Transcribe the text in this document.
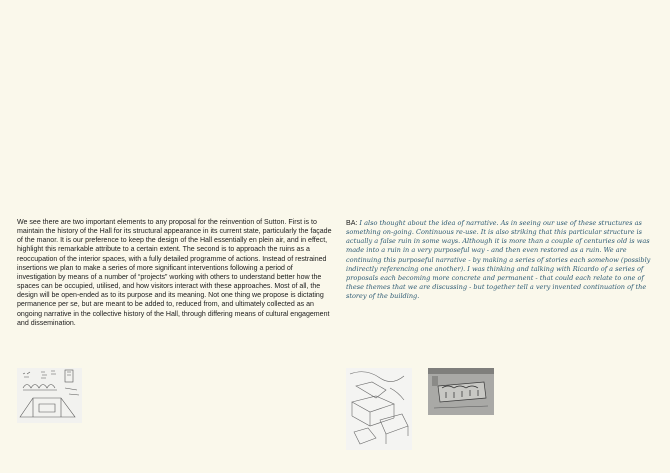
We see there are two important elements to any proposal for the reinvention of Sutton. First is to maintain the history of the Hall for its structural appearance in its current state, particularly the façade of the manor. It is our preference to keep the design of the Hall essentially en plein air, and in effect, highlight this remarkable attribute to a certain extent. The second is to approach the ruins as a reoccupation of the interior spaces, with a fully detailed programme of actions. Instead of restrained insertions we plan to make a series of more significant interventions following a period of investigation by means of a number of “projects” working with others to understand better how the spaces can be occupied, utilised, and how visitors interact with these approaches. Most of all, the design will be open-ended as to its purpose and its meaning. Not one thing we propose is dictating permanence per se, but are meant to be added to, reduced from, and ultimately collected as an ongoing narrative in the collective history of the Hall, through differing means of cultural engagement and dissemination.

BA: I also thought about the idea of narrative. As in seeing our use of these structures as something on-going. Continuous re-use. It is also striking that this particular structure is actually a false ruin in some ways. Although it is more than a couple of centuries old is was made into a ruin in a very purposeful way - and then even restored as a ruin. We are continuing this purposeful narrative - by making a series of stories each somehow (possibly indirectly referencing one another). I was thinking and talking with Ricardo of a series of proposals each becoming more concrete and permanent - that could each relate to one of these themes that we are discussing - but together tell a very invented continuation of the storey of the building.
